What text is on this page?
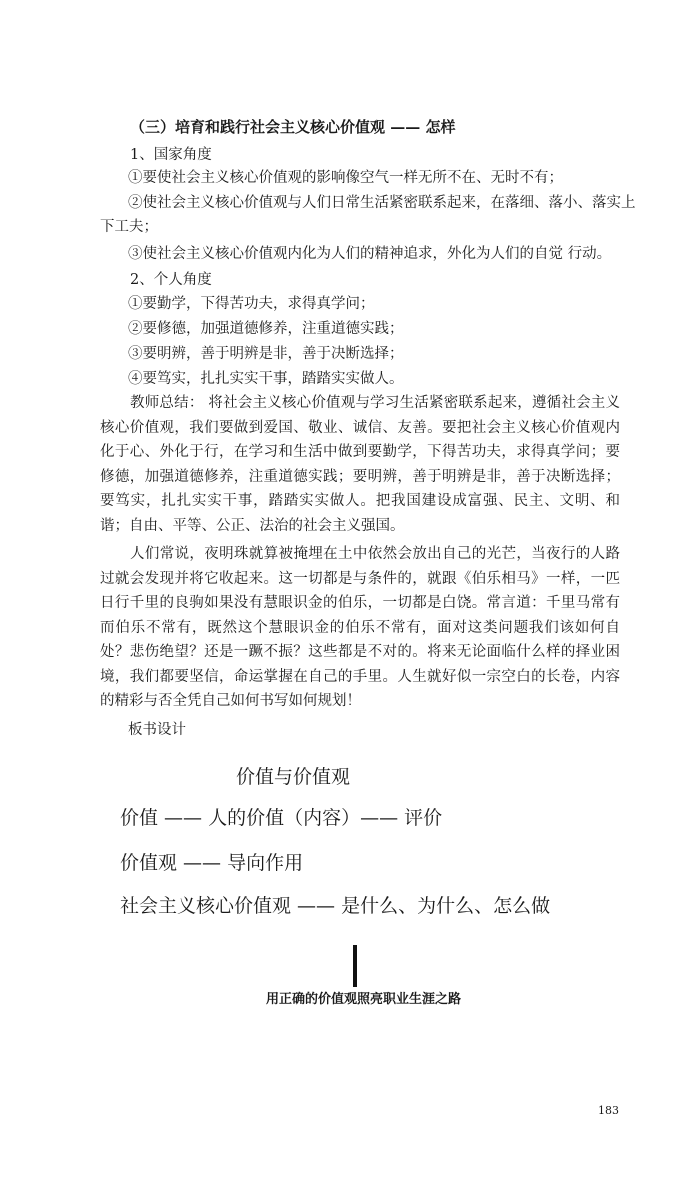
（三）培育和践行社会主义核心价值观 —— 怎样
1、国家角度
①要使社会主义核心价值观的影响像空气一样无所不在、无时不有；
②使社会主义核心价值观与人们日常生活紧密联系起来，在落细、落小、落实上
下工夫；
③使社会主义核心价值观内化为人们的精神追求，外化为人们的自觉 行动。
2、个人角度
①要勤学，下得苦功夫，求得真学问；
②要修德，加强道德修养，注重道德实践；
③要明辨，善于明辨是非，善于决断选择；
④要笃实，扎扎实实干事，踏踏实实做人。
教师总结： 将社会主义核心价值观与学习生活紧密联系起来，遵循社会主义核心价值观，我们要做到爱国、敬业、诚信、友善。要把社会主义核心价值观内化于心、外化于行，在学习和生活中做到要勤学，下得苦功夫，求得真学问；要修德，加强道德修养，注重道德实践；要明辨，善于明辨是非，善于决断选择；要笃实，扎扎实实干事，踏踏实实做人。把我国建设成富强、民主、文明、和谐；自由、平等、公正、法治的社会主义强国。
人们常说，夜明珠就算被掩埋在土中依然会放出自己的光芒，当夜行的人路过就会发现并将它收起来。这一切都是与条件的，就跟《伯乐相马》一样，一匹日行千里的良驹如果没有慧眼识金的伯乐，一切都是白饶。常言道：千里马常有而伯乐不常有，既然这个慧眼识金的伯乐不常有，面对这类问题我们该如何自处？悲伤绝望？还是一蹶不振？这些都是不对的。将来无论面临什么样的择业困境，我们都要坚信，命运掌握在自己的手里。人生就好似一宗空白的长卷，内容的精彩与否全凭自己如何书写如何规划！
板书设计
价值与价值观
价值 —— 人的价值（内容）—— 评价
价值观 —— 导向作用
社会主义核心价值观 —— 是什么、为什么、怎么做
用正确的价值观照亮职业生涯之路
183
